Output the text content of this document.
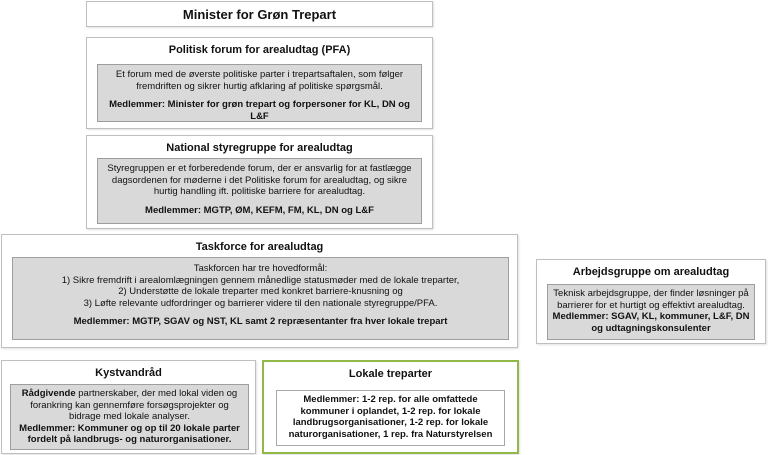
Minister for Grøn Trepart
Politisk forum for arealudtag (PFA)

Et forum med de øverste politiske parter i trepartsaftalen, som følger fremdriften og sikrer hurtig afklaring af politiske spørgsmål.

Medlemmer: Minister for grøn trepart og forpersoner for KL, DN og L&F

National styregruppe for arealudtag

Styregruppen er et forberedende forum, der er ansvarlig for at fastlægge dagsordenen for møderne i det Politiske forum for arealudtag, og sikre hurtig handling ift. politiske barriere for arealudtag.

Medlemmer: MGTP, ØM, KEFM, FM, KL, DN og L&F

Taskforce for arealudtag

Taskforcen har tre hovedformål:

1) Sikre fremdrift i arealomlægningen gennem månedlige statusmøder med de lokale treparter,

2) Understøtte de lokale treparter med konkret barriere-knusning og

3) Løfte relevante udfordringer og barrierer videre til den nationale styregruppe/PFA.

Medlemmer: MGTP, SGAV og NST, KL samt 2 repræsentanter fra hver lokale trepart

Arbejdsgruppe om arealudtag

Teknisk arbejdsgruppe, der finder løsninger på barrierer for et hurtigt og effektivt arealudtag.

Medlemmer: SGAV, KL, kommuner, L&F, DN og udtagningskonsulenter

Kystvandråd

Rådgivende partnerskaber, der med lokal viden og forankring kan gennemføre forsøgsprojekter og bidrage med lokale analyser.

Medlemmer: Kommuner og op til 20 lokale parter fordelt på landbrugs- og naturorganisationer.

Lokale treparter

Medlemmer: 1-2 rep. for alle omfattede kommuner i oplandet, 1-2 rep. for lokale landbrugsorganisationer, 1-2 rep. for lokale naturorganisationer, 1 rep. fra Naturstyrelsen
